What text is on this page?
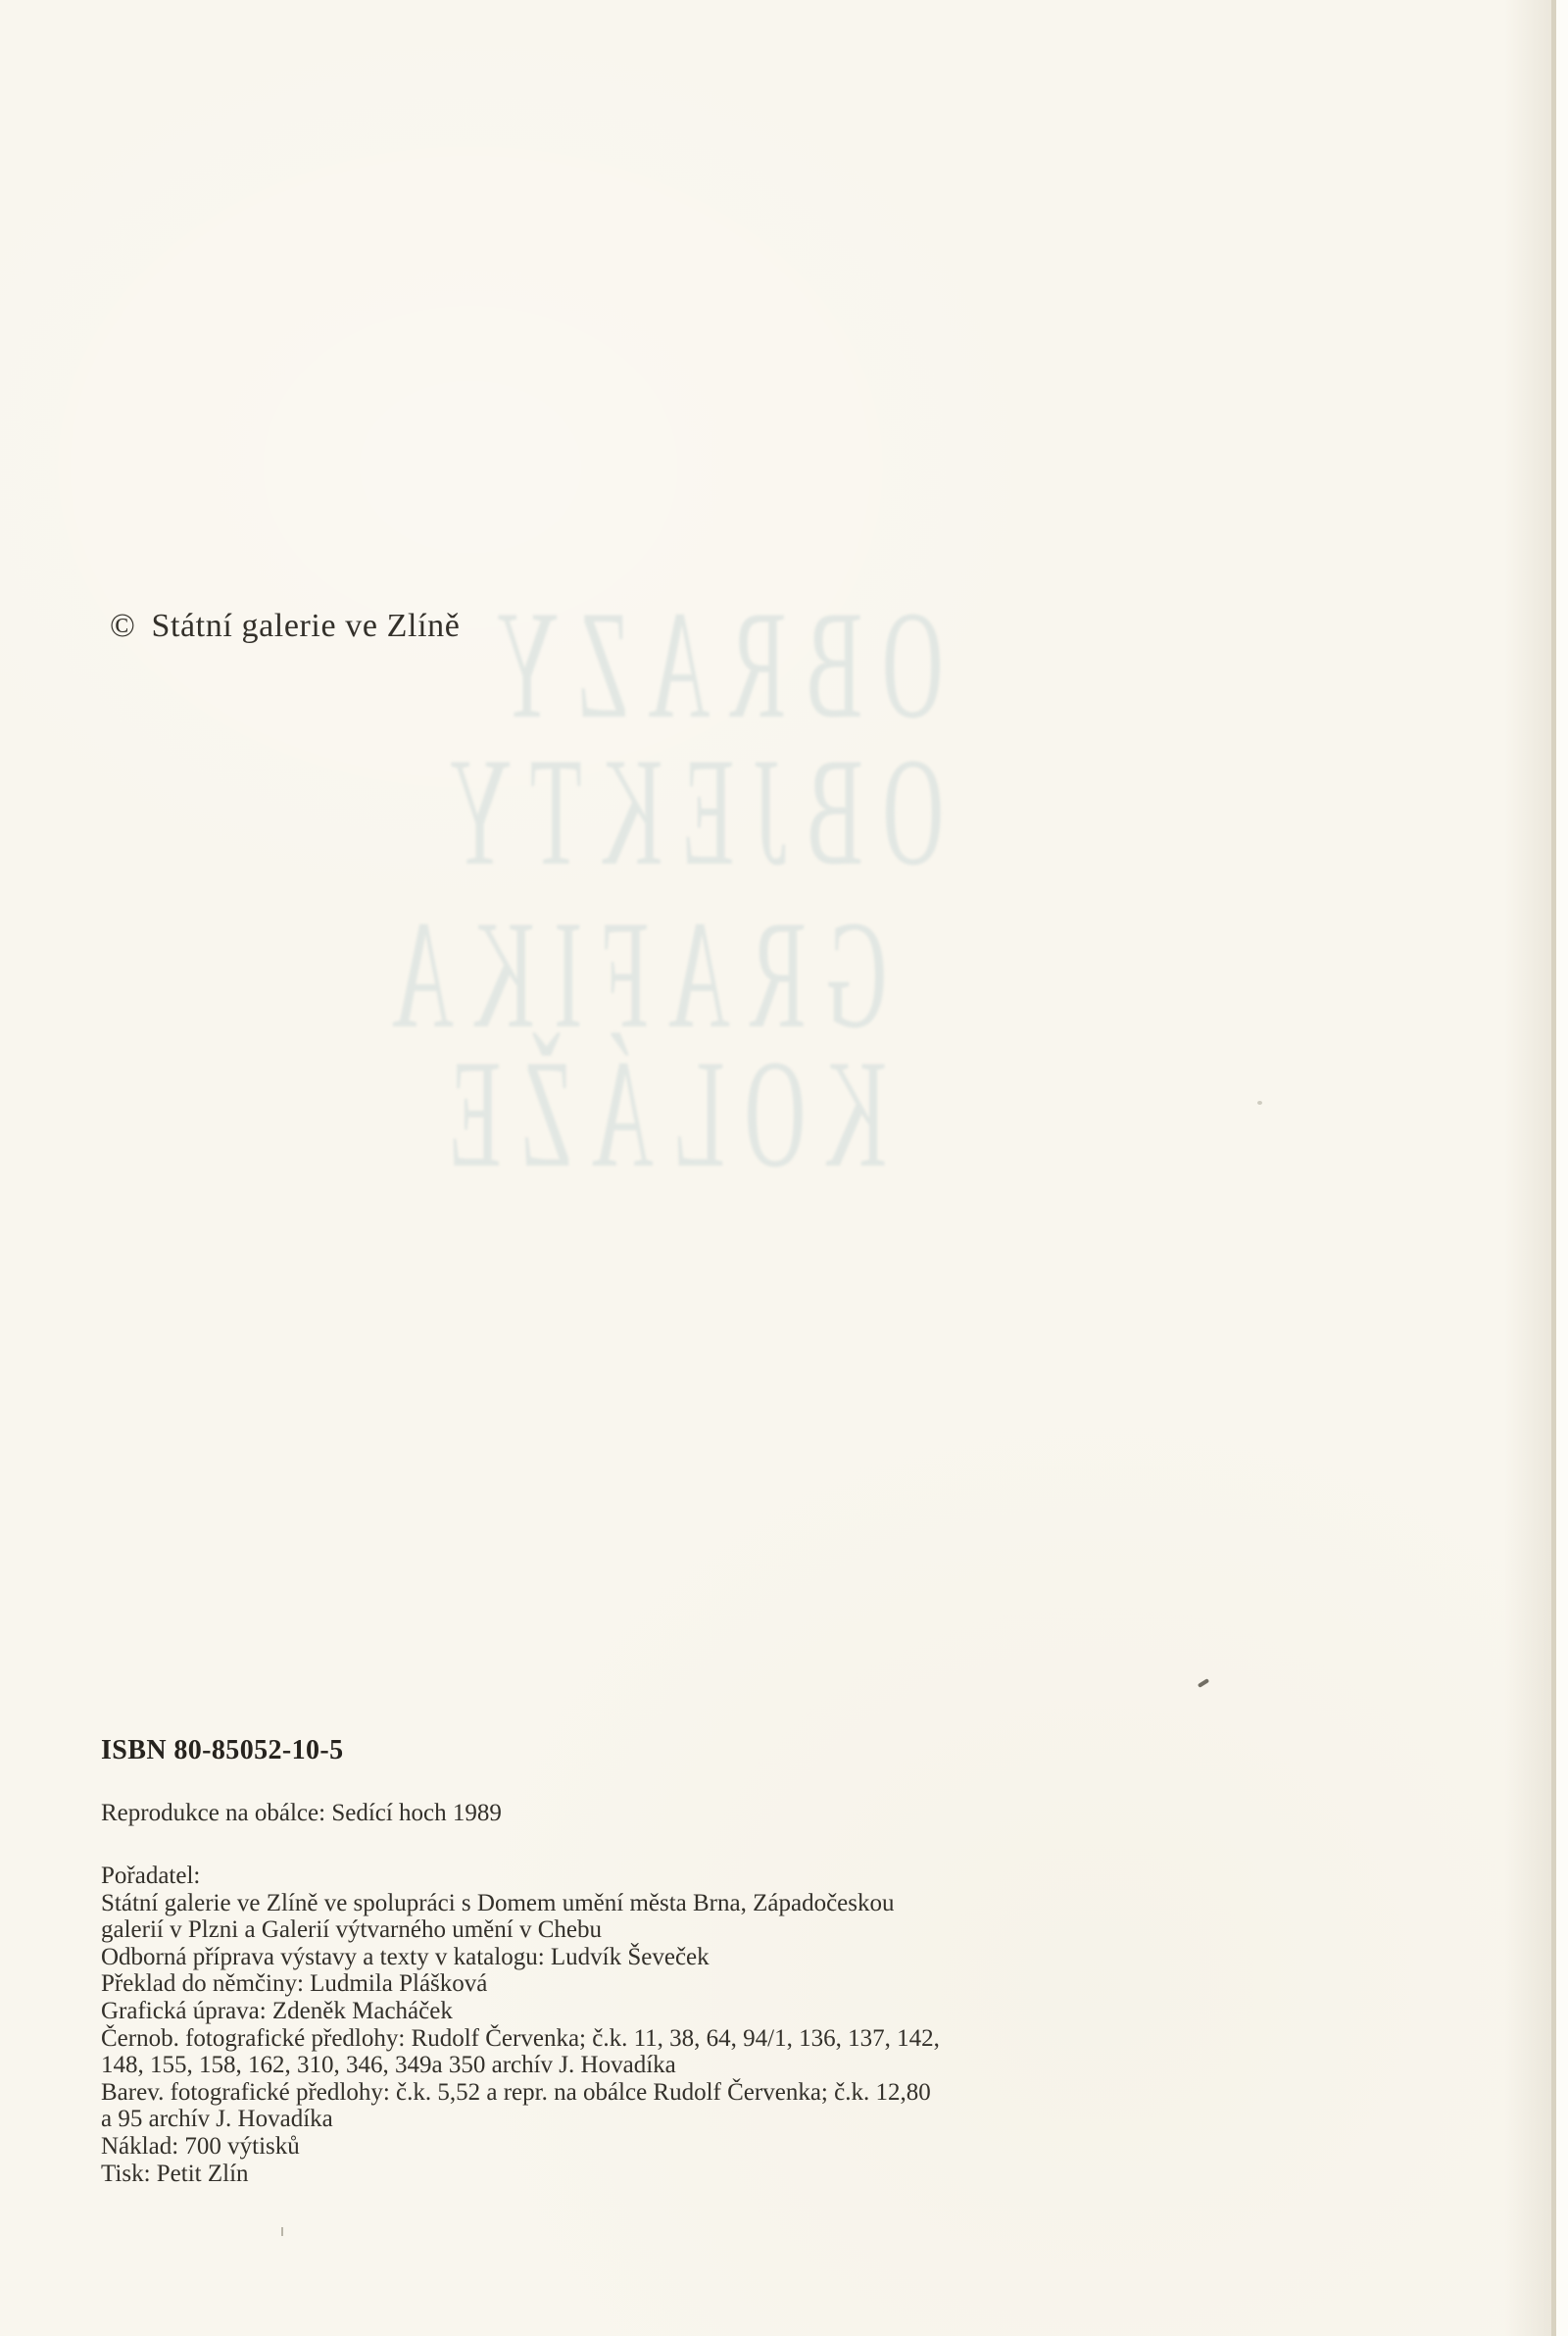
OBRAZY
OBJEKTY
GRAFIKA
KOLÁŽE
© Státní galerie ve Zlíně
ISBN 80-85052-10-5
Reprodukce na obálce: Sedící hoch 1989
Pořadatel:
Státní galerie ve Zlíně ve spolupráci s Domem umění města Brna, Západočeskou
galerií v Plzni a Galerií výtvarného umění v Chebu
Odborná příprava výstavy a texty v katalogu: Ludvík Ševeček
Překlad do němčiny: Ludmila Plášková
Grafická úprava: Zdeněk Macháček
Černob. fotografické předlohy: Rudolf Červenka; č.k. 11, 38, 64, 94/1, 136, 137, 142,
148, 155, 158, 162, 310, 346, 349a 350 archív J. Hovadíka
Barev. fotografické předlohy: č.k. 5,52 a repr. na obálce Rudolf Červenka; č.k. 12,80
a 95 archív J. Hovadíka
Náklad: 700 výtisků
Tisk: Petit Zlín
